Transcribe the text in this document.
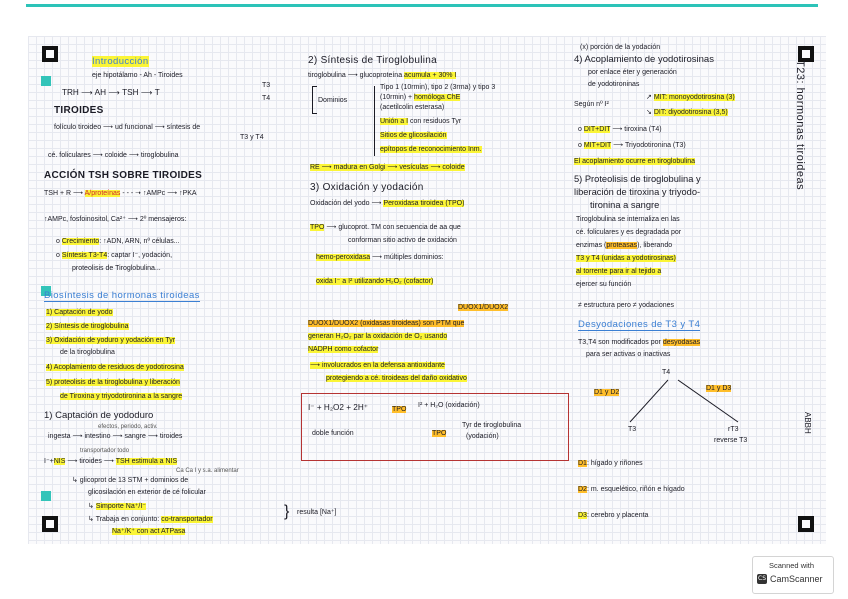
Introducción
eje hipotálamo - Ah - Tiroides
TRH ⟶ AH ⟶ TSH ⟶ T
T3
T4
TIROIDES
folículo tiroideo ⟶ ud funcional ⟶ síntesis de
T3 y T4
cé. foliculares ⟶ coloide ⟶ tiroglobulina
ACCIÓN TSH SOBRE TIROIDES
TSH + R ⟶ A/proteínas - - - ➝ ↑AMPc ⟶ ↑PKA
↑AMPc, fosfoinositol, Ca²⁺ ⟶ 2º mensajeros:
o Crecimiento: ↑ADN, ARN, nº células...
o Síntesis T3-T4: captar I⁻, yodación,
proteolisis de Tiroglobulina...
Biosíntesis de hormonas tiroideas
1) Captación de yodo
2) Síntesis de tiroglobulina
3) Oxidación de yoduro y yodación en Tyr
de la tiroglobulina
4) Acoplamiento de residuos de yodotirosina
5) proteolisis de la tiroglobulina y liberación
de Tiroxina y triyodotironina a la sangre
1) Captación de yododuro
efectos, periodo, activ.
ingesta ⟶ intestino ⟶ sangre ⟶ tiroides
transportador todo
I⁻+NIS ⟶ tiroides ⟶ TSH estimula a NIS
Ca Ca I y s.a. alimentar
↳ glicoprot de 13 STM + dominios de
glicosilación en exterior de cé folicular
↳ Simporte Na⁺/I⁻
↳ Trabaja en conjunto: co-transportador
Na⁺/K⁺ con act ATPasa
} resulta [Na⁺]
2) Síntesis de Tiroglobulina
tiroglobulina ⟶ glucoproteína acumula + 30% I
Dominios
Tipo 1 (10rmin), tipo 2 (3rma) y tipo 3
(10rmin) + homóloga ChE
(acetilcolin esterasa)
Unión a I con residuos Tyr
Sitios de glicosilación
epítopos de reconocimiento Inm.
RE ⟶ madura en Golgi ⟶ vesículas ⟶ coloide
3) Oxidación y yodación
Oxidación del yodo ⟶ Peroxidasa tiroidea (TPO)
TPO ⟶ glucoprot. TM con secuencia de aa que
conforman sitio activo de oxidación
hemo-peroxidasa ⟶ múltiples dominios:
oxida I⁻ a I² utilizando H₂O₂ (cofactor)
DUOX1/DUOX2
DUOX1/DUOX2 (oxidasas tiroideas) son PTM que
generan H₂O₂ par la oxidación de O₂ usando
NADPH como cofactor
⟶ involucrados en la defensa antioxidante
protegiendo a cé. tiroideas del daño oxidativo
I⁻ + H₂O2 + 2H⁺	TPO
I² + H₂O (oxidación)
doble función	TPO
Tyr de tiroglobulina
(yodación)
(x) porción de la yodación
4) Acoplamiento de yodotirosinas
por enlace éter y generación
de yodotironinas
Según nº I²
↗ MIT: monoyodotirosina (3)
↘ DIT: diyodotirosina (3,5)
o DIT+DIT ⟶ tiroxina (T4)
o MIT+DIT ⟶ Triyodotironina (T3)
El acoplamiento ocurre en tiroglobulina
5) Proteolisis de tiroglobulina y
liberación de tiroxina y triyodo-
tironina a sangre
Tiroglobulina se internaliza en las
cé. foliculares y es degradada por
enzimas (proteasas), liberando
T3 y T4 (unidas a yodotirosinas)
al torrente para ir al tejido a
ejercer su función
≠ estructura pero ≠ yodaciones
Desyodaciones de T3 y T4
T3,T4 son modificados por desyodasas
para ser activas o inactivas
T4
D1 y D2
D1 y D3
T3	rT3
reverse T3
D1: hígado y riñones
D2: m. esquelético, riñón e hígado
D3: cerebro y placenta
T23: hormonas tiroideas
ABBH
Scanned with
CS CamScanner
